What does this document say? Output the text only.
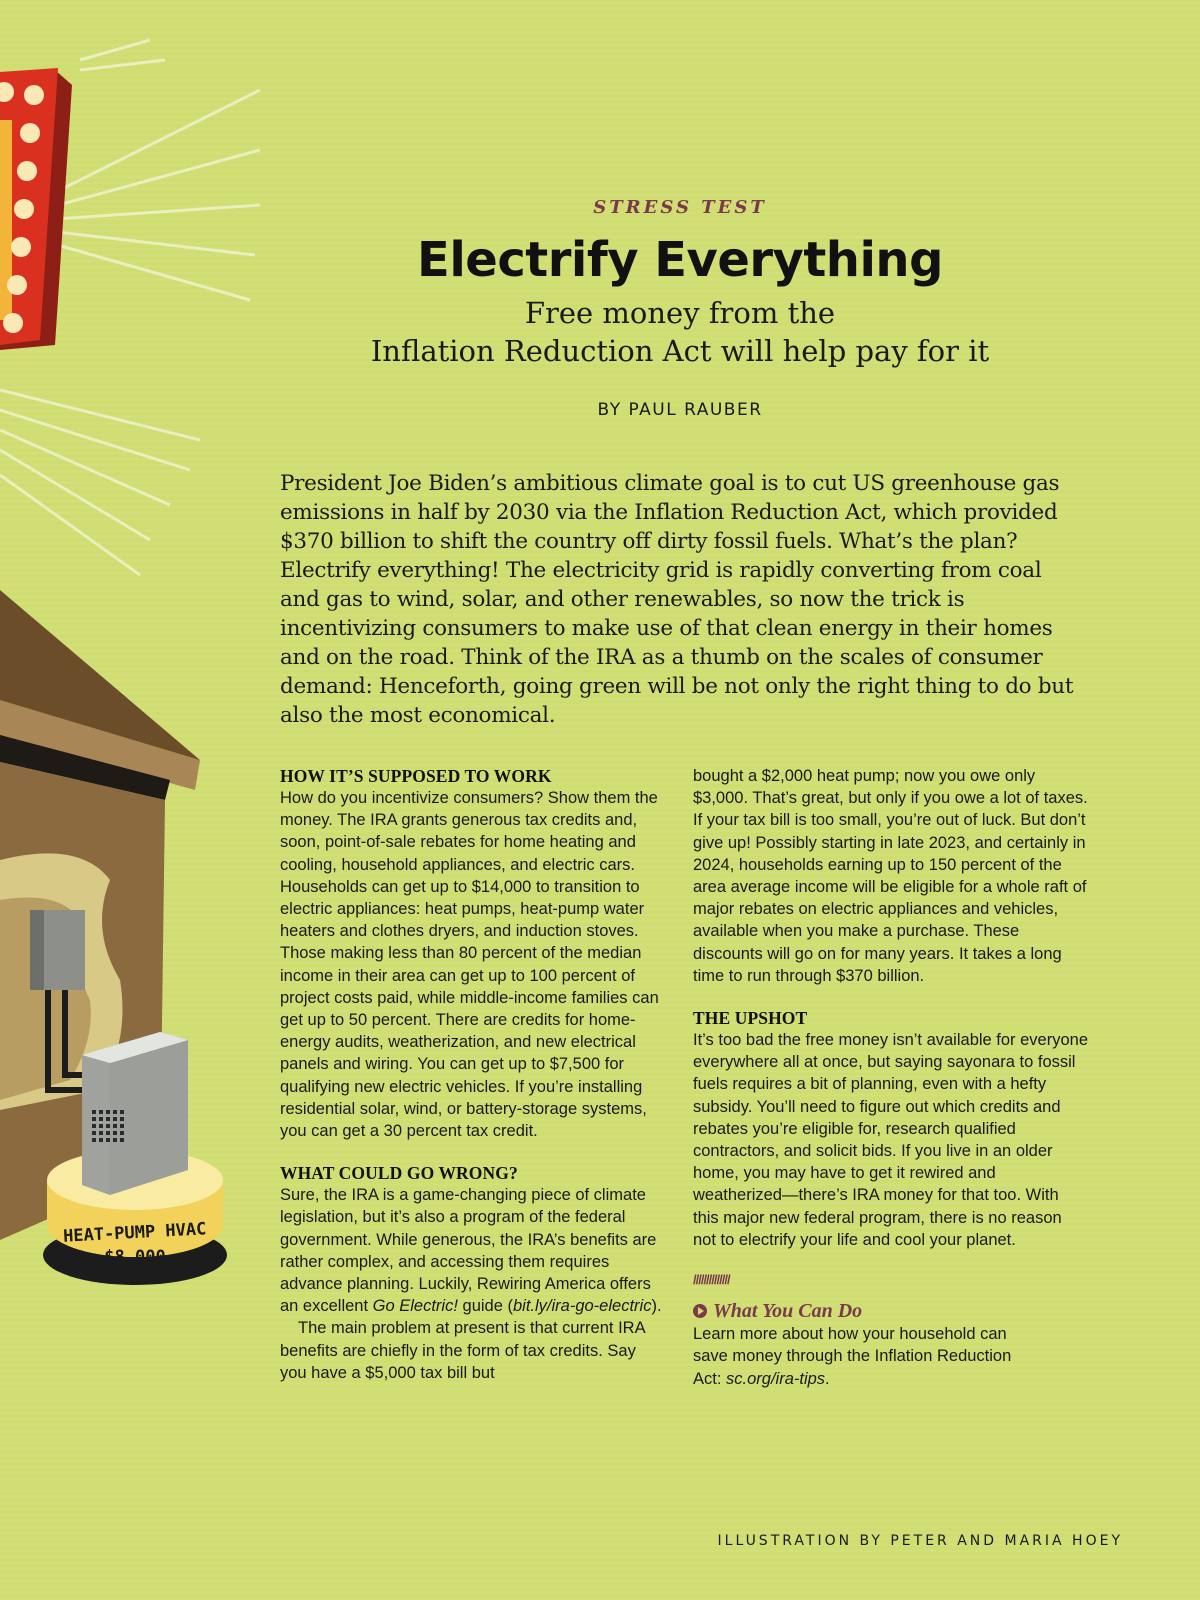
HEAT-PUMP HVAC
$8,000
STRESS TEST
Electrify Everything
Free money from the
Inflation Reduction Act will help pay for it
BY PAUL RAUBER

President Joe Biden’s ambitious climate goal is to cut US greenhouse gas emissions in half by 2030 via the Inflation Reduction Act, which provided $370 billion to shift the country off dirty fossil fuels. What’s the plan? Electrify everything! The electricity grid is rapidly converting from coal and gas to wind, solar, and other renewables, so now the trick is incentivizing consumers to make use of that clean energy in their homes and on the road. Think of the IRA as a thumb on the scales of consumer demand: Henceforth, going green will be not only the right thing to do but also the most economical.

HOW IT’S SUPPOSED TO WORK

How do you incentivize consumers? Show them the money. The IRA grants generous tax credits and, soon, point-of-sale rebates for home heating and cooling, household appliances, and electric cars. Households can get up to $14,000 to transition to electric appliances: heat pumps, heat-pump water heaters and clothes dryers, and induction stoves. Those making less than 80 percent of the median income in their area can get up to 100 percent of project costs paid, while middle-income families can get up to 50 percent. There are credits for home-energy audits, weatherization, and new electrical panels and wiring. You can get up to $7,500 for qualifying new electric vehicles. If you’re installing residential solar, wind, or battery-storage systems, you can get a 30 percent tax credit.

WHAT COULD GO WRONG?

Sure, the IRA is a game-changing piece of climate legislation, but it’s also a program of the federal government. While generous, the IRA’s benefits are rather complex, and accessing them requires advance planning. Luckily, Rewiring America offers an excellent Go Electric! guide (bit.ly/ira-go-electric).

The main problem at present is that current IRA benefits are chiefly in the form of tax credits. Say you have a $5,000 tax bill but

bought a $2,000 heat pump; now you owe only $3,000. That’s great, but only if you owe a lot of taxes. If your tax bill is too small, you’re out of luck. But don’t give up! Possibly starting in late 2023, and certainly in 2024, households earning up to 150 percent of the area average income will be eligible for a whole raft of major rebates on electric appliances and vehicles, available when you make a purchase. These discounts will go on for many years. It takes a long time to run through $370 billion.

THE UPSHOT

It’s too bad the free money isn’t available for everyone everywhere all at once, but saying sayonara to fossil fuels requires a bit of planning, even with a hefty subsidy. You’ll need to figure out which credits and rebates you’re eligible for, research qualified contractors, and solicit bids. If you live in an older home, you may have to get it rewired and weatherized—there’s IRA money for that too. With this major new federal program, there is no reason not to electrify your life and cool your planet.

//////////////
What You Can Do

Learn more about how your household can save money through the Inflation Reduction Act: sc.org/ira-tips.

ILLUSTRATION BY PETER AND MARIA HOEY
